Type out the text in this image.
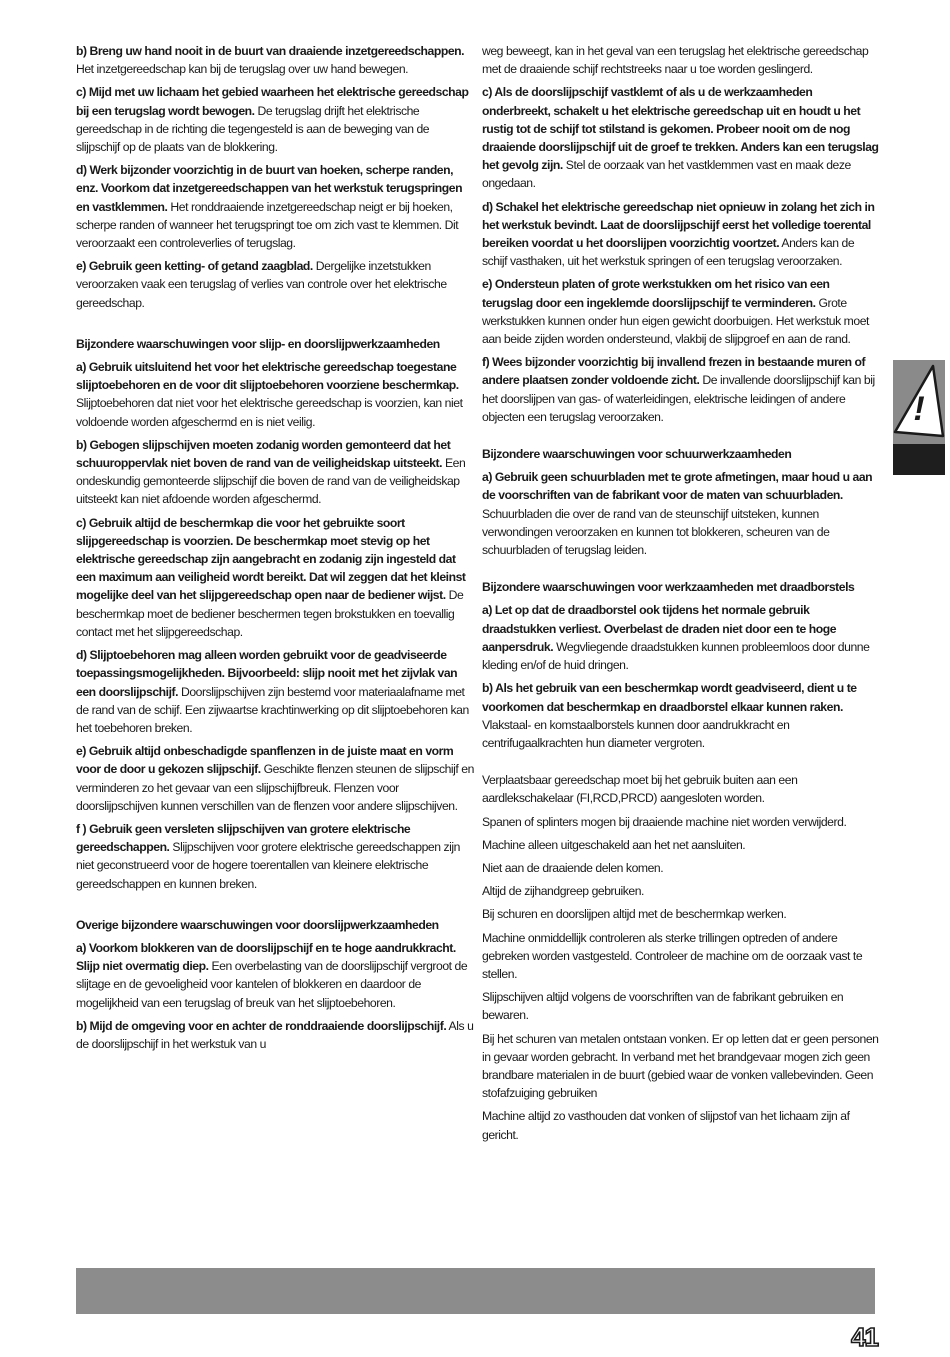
b) Breng uw hand nooit in de buurt van draaiende inzetgereedschappen. Het inzetgereedschap kan bij de terugslag over uw hand bewegen.

c) Mijd met uw lichaam het gebied waarheen het elektrische gereedschap bij een terugslag wordt bewogen. De terugslag drijft het elektrische gereedschap in de richting die tegengesteld is aan de beweging van de slijpschijf op de plaats van de blokkering.

d) Werk bijzonder voorzichtig in de buurt van hoeken, scherpe randen, enz. Voorkom dat inzetgereedschappen van het werkstuk terugspringen en vastklemmen. Het ronddraaiende inzetgereedschap neigt er bij hoeken, scherpe randen of wanneer het terugspringt toe om zich vast te klemmen. Dit veroorzaakt een controleverlies of terugslag.

e) Gebruik geen ketting- of getand zaagblad. Dergelijke inzetstukken veroorzaken vaak een terugslag of verlies van controle over het elektrische gereedschap.

Bijzondere waarschuwingen voor slijp- en doorslijpwerkzaamheden

a) Gebruik uitsluitend het voor het elektrische gereedschap toegestane slijptoebehoren en de voor dit slijptoebehoren voorziene beschermkap. Slijptoebehoren dat niet voor het elektrische gereedschap is voorzien, kan niet voldoende worden afgeschermd en is niet veilig.

b) Gebogen slijpschijven moeten zodanig worden gemonteerd dat het schuuroppervlak niet boven de rand van de veiligheidskap uitsteekt. Een ondeskundig gemonteerde slijpschijf die boven de rand van de veiligheidskap uitsteekt kan niet afdoende worden afgeschermd.

c) Gebruik altijd de beschermkap die voor het gebruikte soort slijpgereedschap is voorzien. De beschermkap moet stevig op het elektrische gereedschap zijn aangebracht en zodanig zijn ingesteld dat een maximum aan veiligheid wordt bereikt. Dat wil zeggen dat het kleinst mogelijke deel van het slijpgereedschap open naar de bediener wijst. De beschermkap moet de bediener beschermen tegen brokstukken en toevallig contact met het slijpgereedschap.

d) Slijptoebehoren mag alleen worden gebruikt voor de geadviseerde toepassingsmogelijkheden. Bijvoorbeeld: slijp nooit met het zijvlak van een doorslijpschijf. Doorslijpschijven zijn bestemd voor materiaalafname met de rand van de schijf. Een zijwaartse krachtinwerking op dit slijptoebehoren kan het toebehoren breken.

e) Gebruik altijd onbeschadigde spanflenzen in de juiste maat en vorm voor de door u gekozen slijpschijf. Geschikte flenzen steunen de slijpschijf en verminderen zo het gevaar van een slijpschijfbreuk. Flenzen voor doorslijpschijven kunnen verschillen van de flenzen voor andere slijpschijven.

f ) Gebruik geen versleten slijpschijven van grotere elektrische gereedschappen. Slijpschijven voor grotere elektrische gereedschappen zijn niet geconstrueerd voor de hogere toerentallen van kleinere elektrische gereedschappen en kunnen breken.

Overige bijzondere waarschuwingen voor doorslijpwerkzaamheden

a) Voorkom blokkeren van de doorslijpschijf en te hoge aandrukkracht. Slijp niet overmatig diep. Een overbelasting van de doorslijpschijf vergroot de slijtage en de gevoeligheid voor kantelen of blokkeren en daardoor de mogelijkheid van een terugslag of breuk van het slijptoebehoren.

b) Mijd de omgeving voor en achter de ronddraaiende doorslijpschijf. Als u de doorslijpschijf in het werkstuk van u

weg beweegt, kan in het geval van een terugslag het elektrische gereedschap met de draaiende schijf rechtstreeks naar u toe worden geslingerd.

c) Als de doorslijpschijf vastklemt of als u de werkzaamheden onderbreekt, schakelt u het elektrische gereedschap uit en houdt u het rustig tot de schijf tot stilstand is gekomen. Probeer nooit om de nog draaiende doorslijpschijf uit de groef te trekken. Anders kan een terugslag het gevolg zijn. Stel de oorzaak van het vastklemmen vast en maak deze ongedaan.

d) Schakel het elektrische gereedschap niet opnieuw in zolang het zich in het werkstuk bevindt. Laat de doorslijpschijf eerst het volledige toerental bereiken voordat u het doorslijpen voorzichtig voortzet. Anders kan de schijf vasthaken, uit het werkstuk springen of een terugslag veroorzaken.

e) Ondersteun platen of grote werkstukken om het risico van een terugslag door een ingeklemde doorslijpschijf te verminderen. Grote werkstukken kunnen onder hun eigen gewicht doorbuigen. Het werkstuk moet aan beide zijden worden ondersteund, vlakbij de slijpgroef en aan de rand.

f) Wees bijzonder voorzichtig bij invallend frezen in bestaande muren of andere plaatsen zonder voldoende zicht. De invallende doorslijpschijf kan bij het doorslijpen van gas- of waterleidingen, elektrische leidingen of andere objecten een terugslag veroorzaken.

Bijzondere waarschuwingen voor schuurwerkzaamheden

a) Gebruik geen schuurbladen met te grote afmetingen, maar houd u aan de voorschriften van de fabrikant voor de maten van schuurbladen. Schuurbladen die over de rand van de steunschijf uitsteken, kunnen verwondingen veroorzaken en kunnen tot blokkeren, scheuren van de schuurbladen of terugslag leiden.

Bijzondere waarschuwingen voor werkzaamheden met draadborstels

a) Let op dat de draadborstel ook tijdens het normale gebruik draadstukken verliest. Overbelast de draden niet door een te hoge aanpersdruk. Wegvliegende draadstukken kunnen probleemloos door dunne kleding en/of de huid dringen.

b) Als het gebruik van een beschermkap wordt geadviseerd, dient u te voorkomen dat beschermkap en draadborstel elkaar kunnen raken. Vlakstaal- en komstaalborstels kunnen door aandrukkracht en centrifugaalkrachten hun diameter vergroten.

Verplaatsbaar gereedschap moet bij het gebruik buiten aan een aardlekschakelaar (FI,RCD,PRCD) aangesloten worden.

Spanen of splinters mogen bij draaiende machine niet worden verwijderd.

Machine alleen uitgeschakeld aan het net aansluiten.

Niet aan de draaiende delen komen.

Altijd de zijhandgreep gebruiken.

Bij schuren en doorslijpen altijd met de beschermkap werken.

Machine onmiddellijk controleren als sterke trillingen optreden of andere gebreken worden vastgesteld. Controleer de machine om de oorzaak vast te stellen.

Slijpschijven altijd volgens de voorschriften van de fabrikant gebruiken en bewaren.

Bij het schuren van metalen ontstaan vonken. Er op letten dat er geen personen in gevaar worden gebracht. In verband met het brandgevaar mogen zich geen brandbare materialen in de buurt (gebied waar de vonken vallebevinden. Geen stofafzuiging gebruiken

Machine altijd zo vasthouden dat vonken of slijpstof van het lichaam zijn af gericht.

!
41
